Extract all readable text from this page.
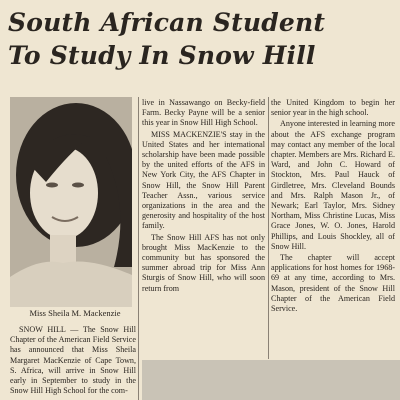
South African Student
To Study In Snow Hill
Miss Sheila M. Mackenzie

SNOW HILL — The Snow Hill Chapter of the American Field Service has announced that Miss Sheila Margaret MacKenzie of Cape Town, S. Africa, will arrive in Snow Hill early in September to study in the Snow Hill High School for the com-

live in Nassawango on Becky-field Farm. Becky Payne will be a senior this year in Snow Hill High School.

MISS MACKENZIE'S stay in the United States and her international scholarship have been made possible by the united efforts of the AFS in New York City, the AFS Chapter in Snow Hill, the Snow Hill Parent Teacher Assn., various service organizations in the area and the generosity and hospitality of the host family.

The Snow Hill AFS has not only brought Miss MacKenzie to the community but has sponsored the summer abroad trip for Miss Ann Sturgis of Snow Hill, who will soon return from

the United Kingdom to begin her senior year in the high school.

Anyone interested in learning more about the AFS exchange program may contact any member of the local chapter. Members are Mrs. Richard E. Ward, and John C. Howard of Stockton, Mrs. Paul Hauck of Girdletree, Mrs. Cleveland Bounds and Mrs. Ralph Mason Jr., of Newark; Earl Taylor, Mrs. Sidney Northam, Miss Christine Lucas, Miss Grace Jones, W. O. Jones, Harold Phillips, and Louis Shockley, all of Snow Hill.

The chapter will accept applications for host homes for 1968-69 at any time, according to Mrs. Mason, president of the Snow Hill Chapter of the American Field Service.
